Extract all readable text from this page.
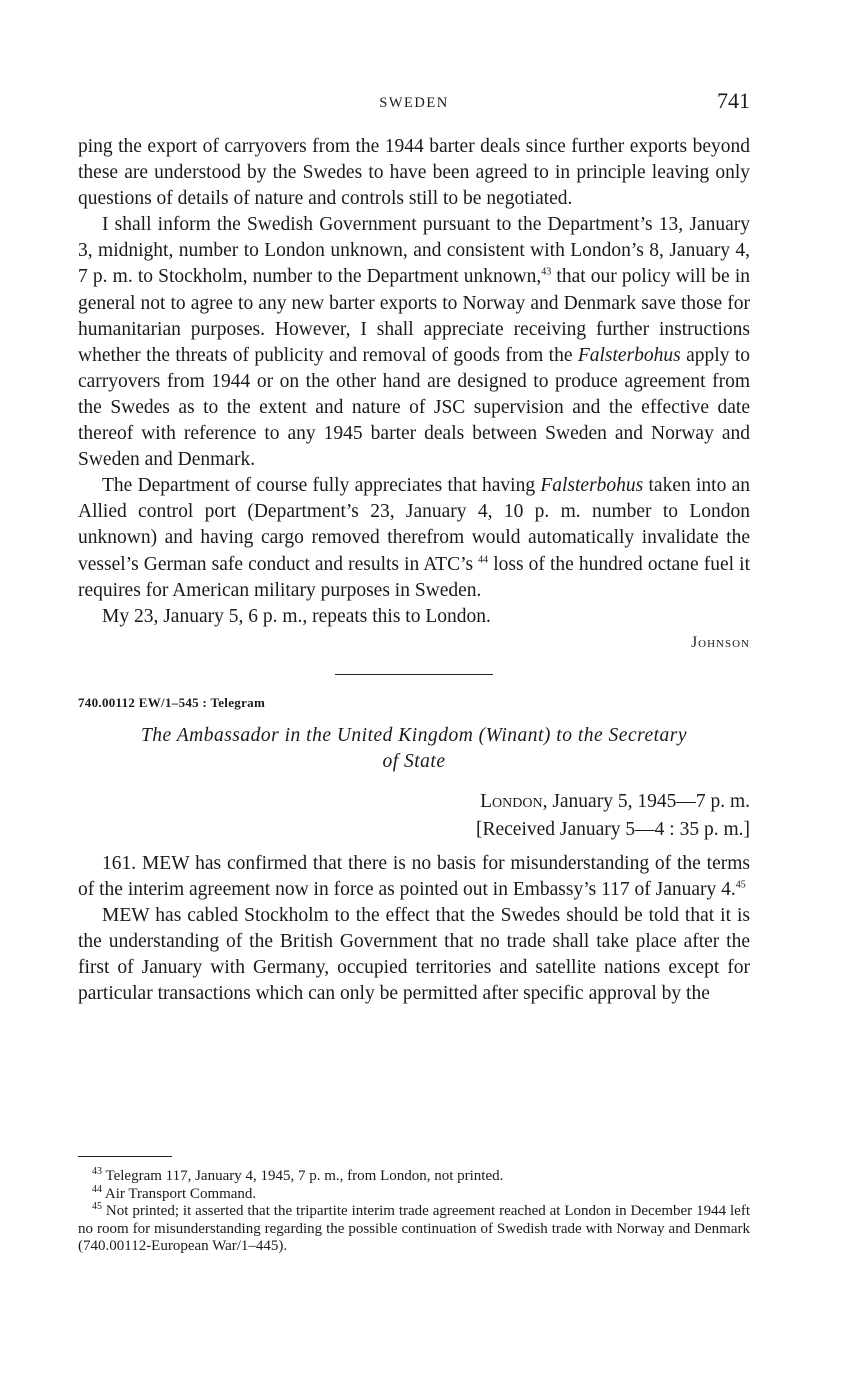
SWEDEN	741

ping the export of carryovers from the 1944 barter deals since further exports beyond these are understood by the Swedes to have been agreed to in principle leaving only questions of details of nature and controls still to be negotiated.

I shall inform the Swedish Government pursuant to the Department’s 13, January 3, midnight, number to London unknown, and consistent with London’s 8, January 4, 7 p. m. to Stockholm, number to the Department unknown,$^{43}$ that our policy will be in general not to agree to any new barter exports to Norway and Denmark save those for humanitarian purposes. However, I shall appreciate receiving further instructions whether the threats of publicity and removal of goods from the Falsterbohus apply to carryovers from 1944 or on the other hand are designed to produce agreement from the Swedes as to the extent and nature of JSC supervision and the effective date thereof with reference to any 1945 barter deals between Sweden and Norway and Sweden and Denmark.

The Department of course fully appreciates that having Falsterbohus taken into an Allied control port (Department’s 23, January 4, 10 p. m. number to London unknown) and having cargo removed therefrom would automatically invalidate the vessel’s German safe conduct and results in ATC’s $^{44}$ loss of the hundred octane fuel it requires for American military purposes in Sweden.

My 23, January 5, 6 p. m., repeats this to London.

Johnson

740.00112 EW/1–545 : Telegram
The Ambassador in the United Kingdom (Winant) to the Secretary
of State
London, January 5, 1945—7 p. m.
[Received January 5—4 : 35 p. m.]

161. MEW has confirmed that there is no basis for misunderstanding of the terms of the interim agreement now in force as pointed out in Embassy’s 117 of January 4.45

MEW has cabled Stockholm to the effect that the Swedes should be told that it is the understanding of the British Government that no trade shall take place after the first of January with Germany, occupied territories and satellite nations except for particular transactions which can only be permitted after specific approval by the

$^{43}$ Telegram 117, January 4, 1945, 7 p. m., from London, not printed.

$^{44}$ Air Transport Command.

$^{45}$ Not printed; it asserted that the tripartite interim trade agreement reached at London in December 1944 left no room for misunderstanding regarding the possible continuation of Swedish trade with Norway and Denmark (740.00112-European War/1–445).
